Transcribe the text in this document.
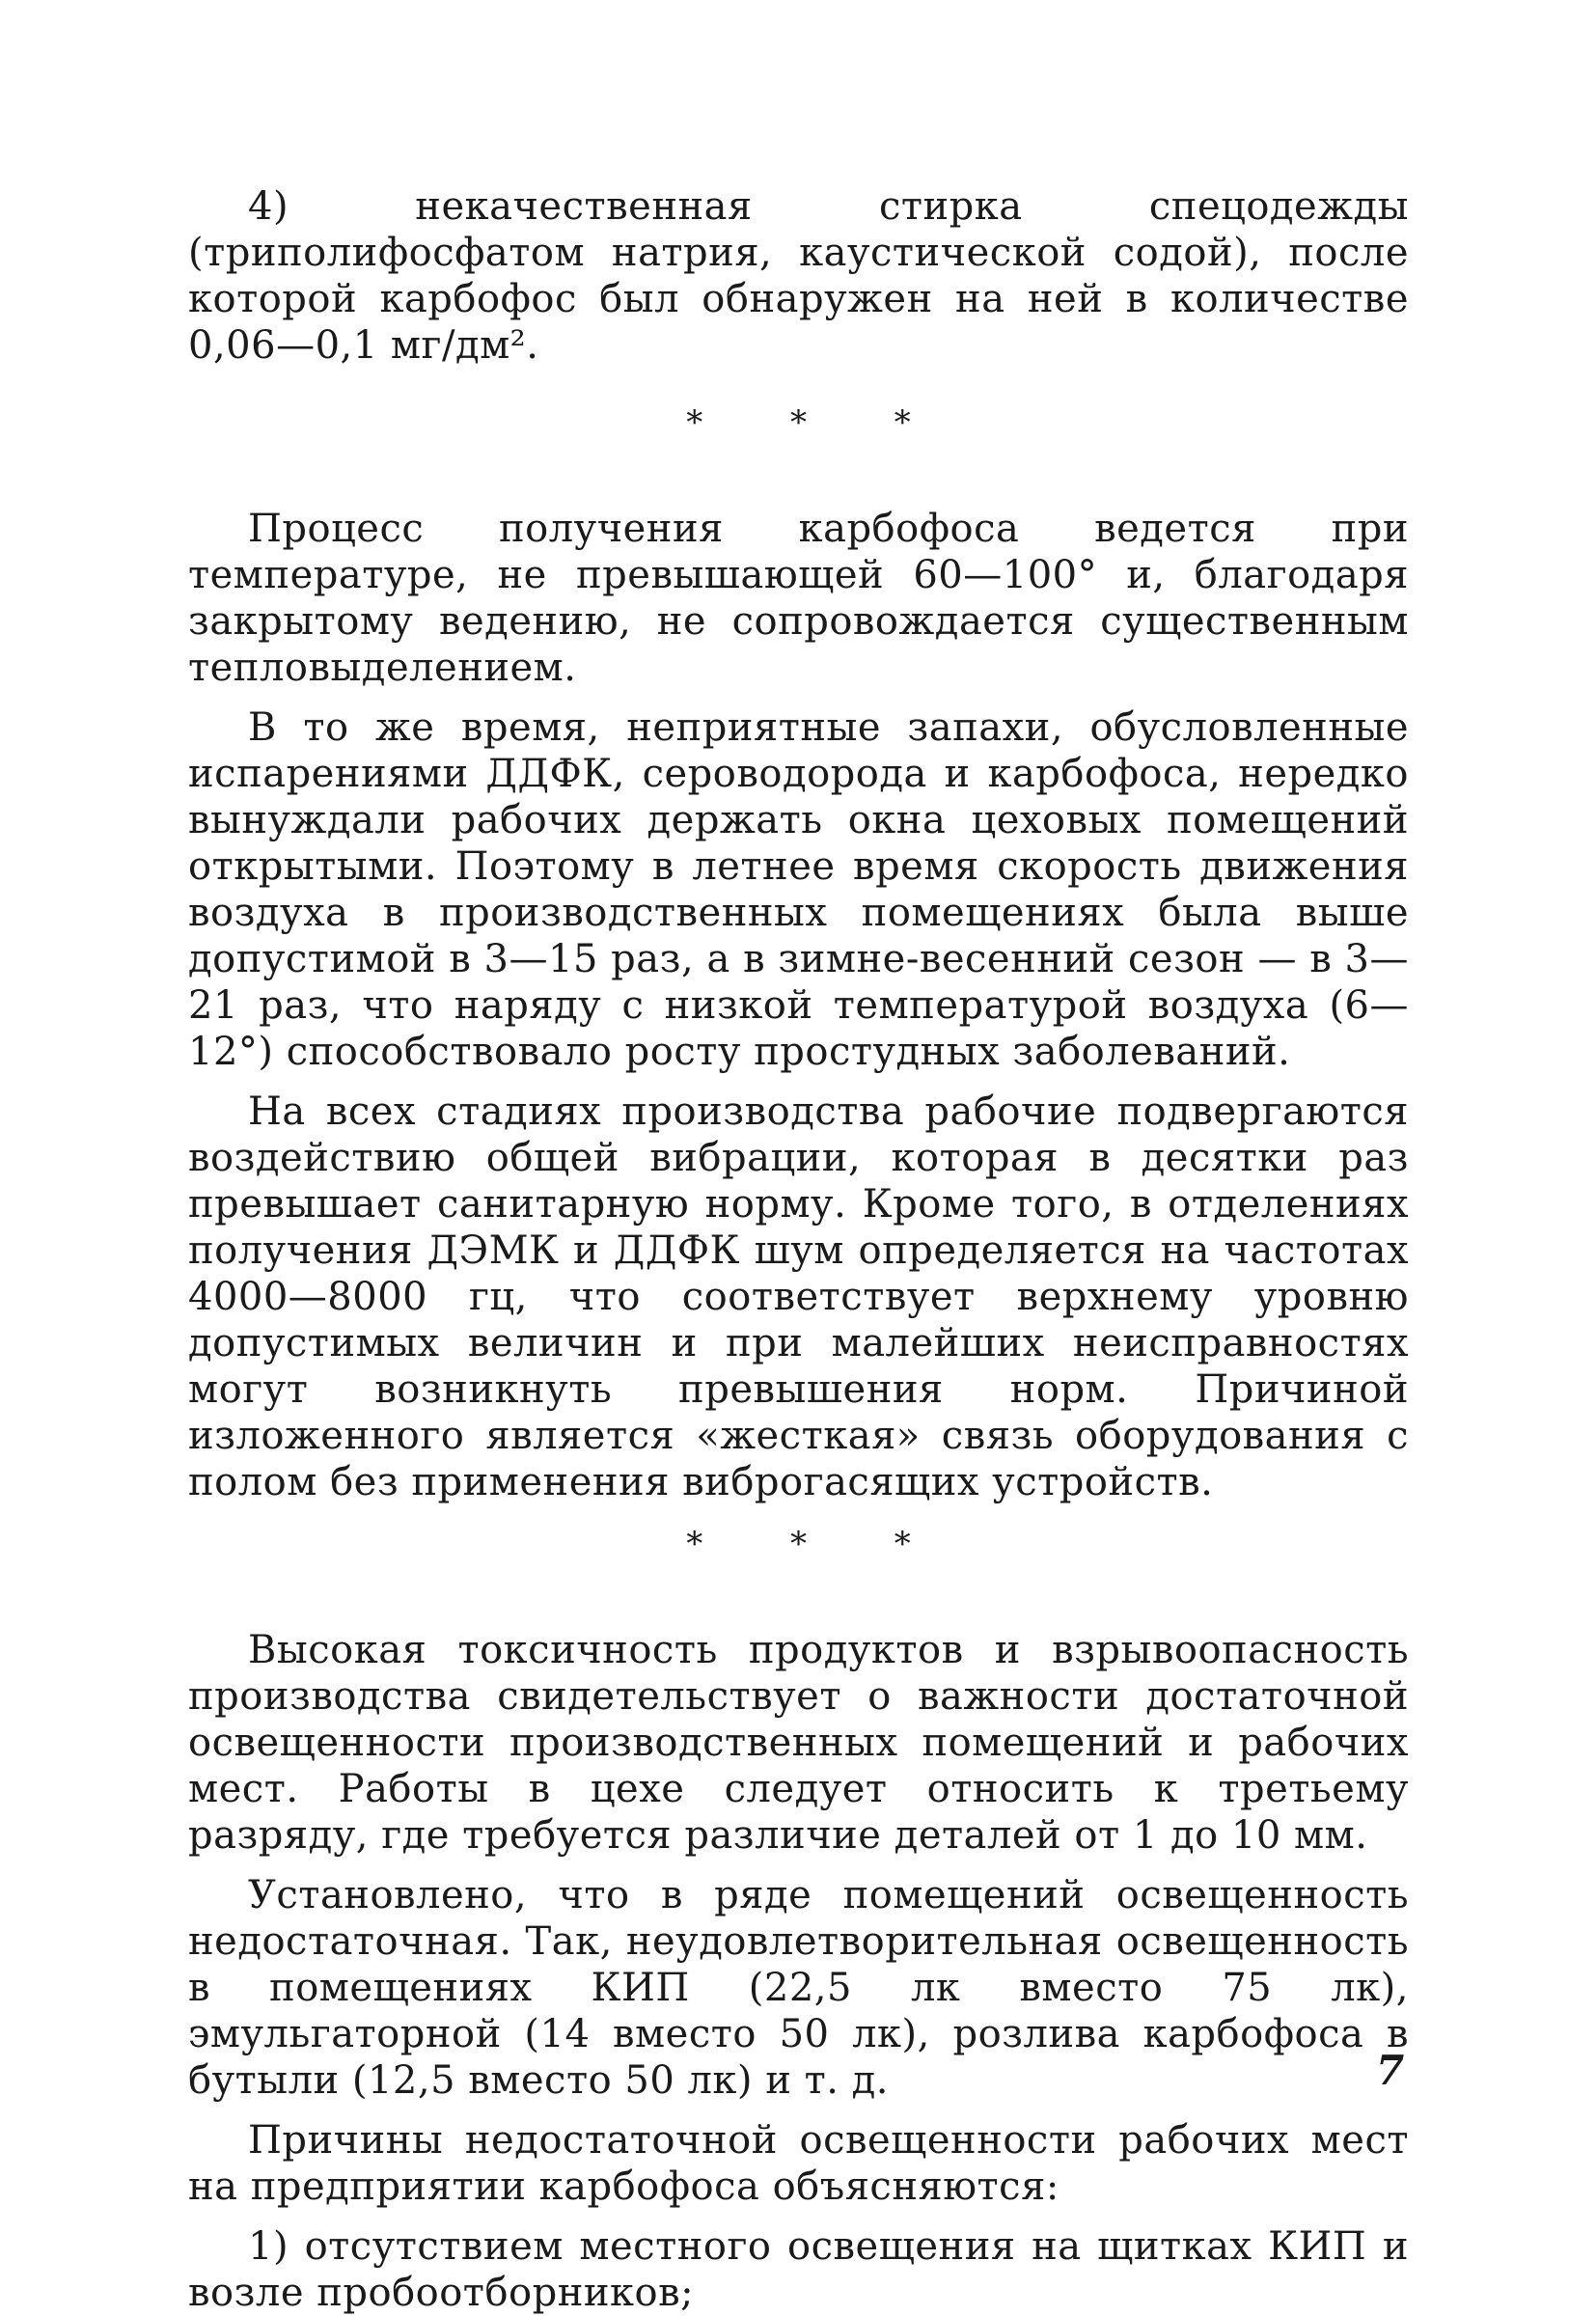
4) некачественная стирка спецодежды (триполифосфатом натрия, каустической содой), после которой карбофос был обнаружен на ней в количестве 0,06—0,1 мг/дм².

* * *

Процесс получения карбофоса ведется при температуре, не превышающей 60—100° и, благодаря закрытому ведению, не сопровождается существенным тепловыделением.

В то же время, неприятные запахи, обусловленные испарениями ДДФК, сероводорода и карбофоса, нередко вынуждали рабочих держать окна цеховых помещений открытыми. Поэтому в летнее время скорость движения воздуха в производственных помещениях была выше допустимой в 3—15 раз, а в зимне-весенний сезон — в 3—21 раз, что наряду с низкой температурой воздуха (6—12°) способствовало росту простудных заболеваний.

На всех стадиях производства рабочие подвергаются воздействию общей вибрации, которая в десятки раз превышает санитарную норму. Кроме того, в отделениях получения ДЭМК и ДДФК шум определяется на частотах 4000—8000 гц, что соответствует верхнему уровню допустимых величин и при малейших неисправностях могут возникнуть превышения норм. Причиной изложенного является «жесткая» связь оборудования с полом без применения виброгасящих устройств.

* * *

Высокая токсичность продуктов и взрывоопасность производства свидетельствует о важности достаточной освещенности производственных помещений и рабочих мест. Работы в цехе следует относить к третьему разряду, где требуется различие деталей от 1 до 10 мм.

Установлено, что в ряде помещений освещенность недостаточная. Так, неудовлетворительная освещенность в помещениях КИП (22,5 лк вместо 75 лк), эмульгаторной (14 вместо 50 лк), розлива карбофоса в бутыли (12,5 вместо 50 лк) и т. д.

Причины недостаточной освещенности рабочих мест на предприятии карбофоса объясняются:

1) отсутствием местного освещения на щитках КИП и возле пробоотборников;

7
